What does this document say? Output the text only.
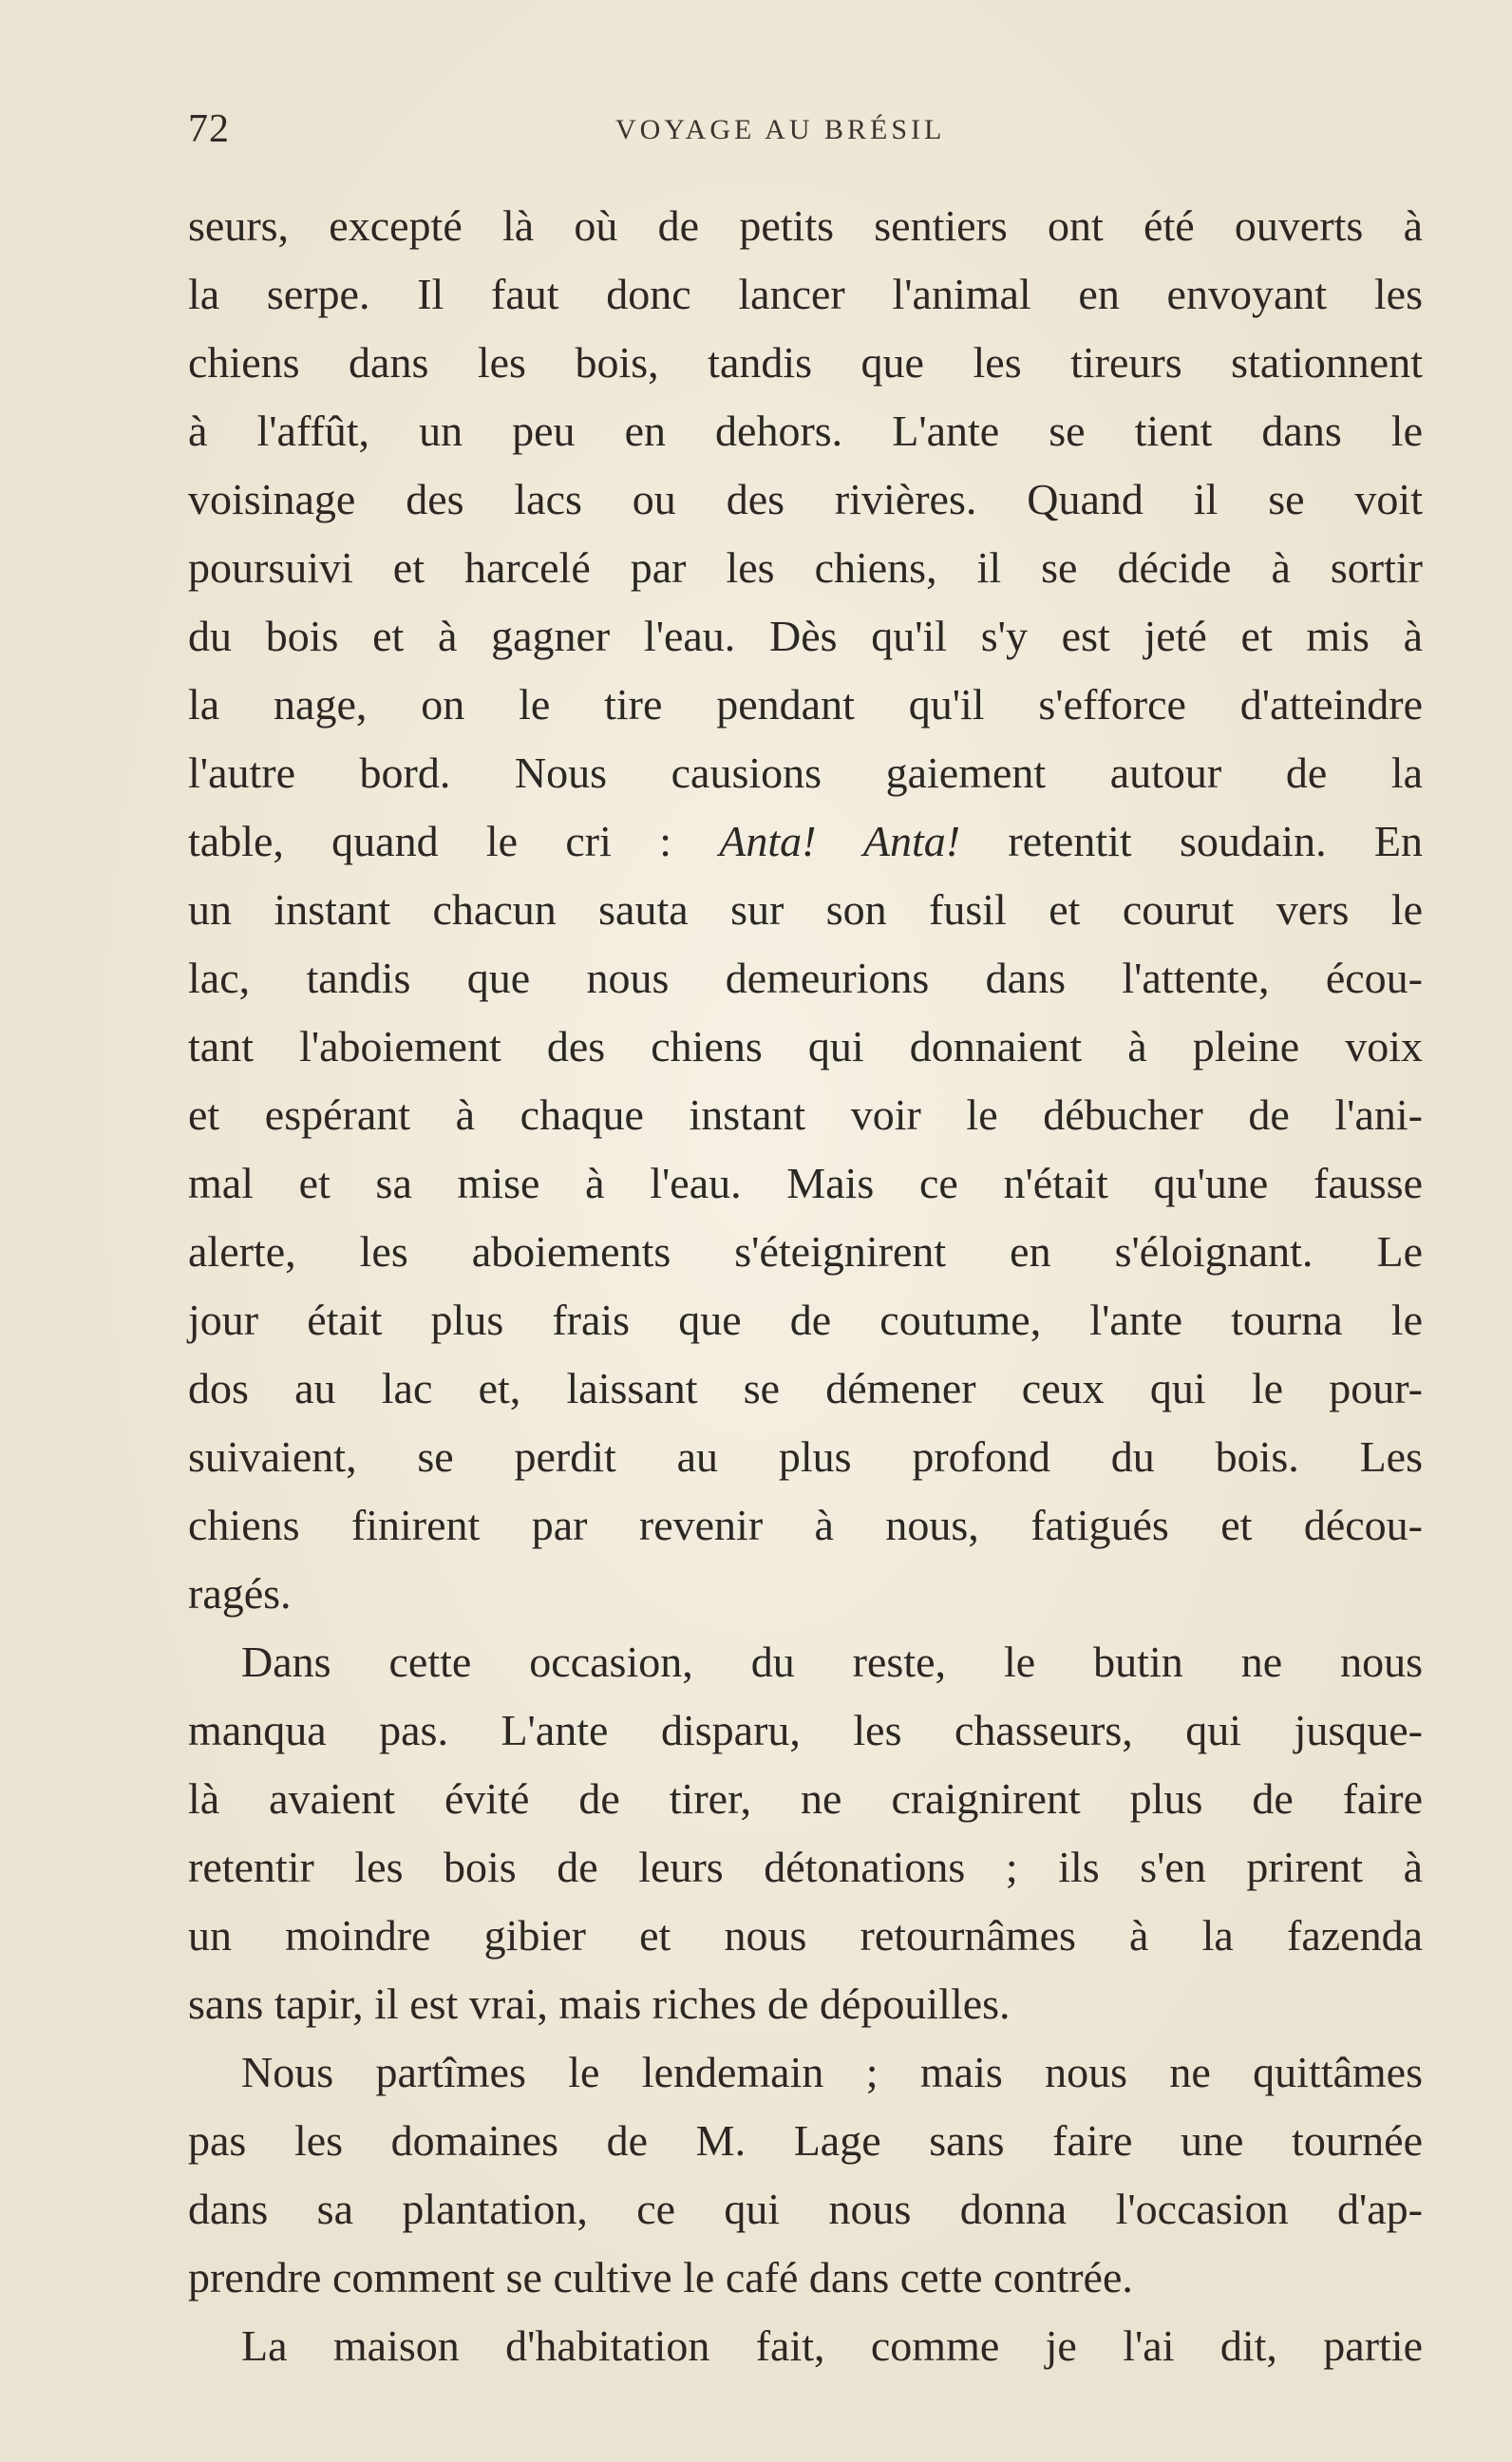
72	VOYAGE AU BRÉSIL
seurs, excepté là où de petits sentiers ont été ouverts à
la serpe. Il faut donc lancer l'animal en envoyant les
chiens dans les bois, tandis que les tireurs stationnent
à l'affût, un peu en dehors. L'ante se tient dans le
voisinage des lacs ou des rivières. Quand il se voit
poursuivi et harcelé par les chiens, il se décide à sortir
du bois et à gagner l'eau. Dès qu'il s'y est jeté et mis à
la nage, on le tire pendant qu'il s'efforce d'atteindre
l'autre bord. Nous causions gaiement autour de la
table, quand le cri : Anta! Anta! retentit soudain. En
un instant chacun sauta sur son fusil et courut vers le
lac, tandis que nous demeurions dans l'attente, écou-
tant l'aboiement des chiens qui donnaient à pleine voix
et espérant à chaque instant voir le débucher de l'ani-
mal et sa mise à l'eau. Mais ce n'était qu'une fausse
alerte, les aboiements s'éteignirent en s'éloignant. Le
jour était plus frais que de coutume, l'ante tourna le
dos au lac et, laissant se démener ceux qui le pour-
suivaient, se perdit au plus profond du bois. Les
chiens finirent par revenir à nous, fatigués et décou-
ragés.
Dans cette occasion, du reste, le butin ne nous
manqua pas. L'ante disparu, les chasseurs, qui jusque-
là avaient évité de tirer, ne craignirent plus de faire
retentir les bois de leurs détonations ; ils s'en prirent à
un moindre gibier et nous retournâmes à la fazenda
sans tapir, il est vrai, mais riches de dépouilles.
Nous partîmes le lendemain ; mais nous ne quittâmes
pas les domaines de M. Lage sans faire une tournée
dans sa plantation, ce qui nous donna l'occasion d'ap-
prendre comment se cultive le café dans cette contrée.
La maison d'habitation fait, comme je l'ai dit, partie
